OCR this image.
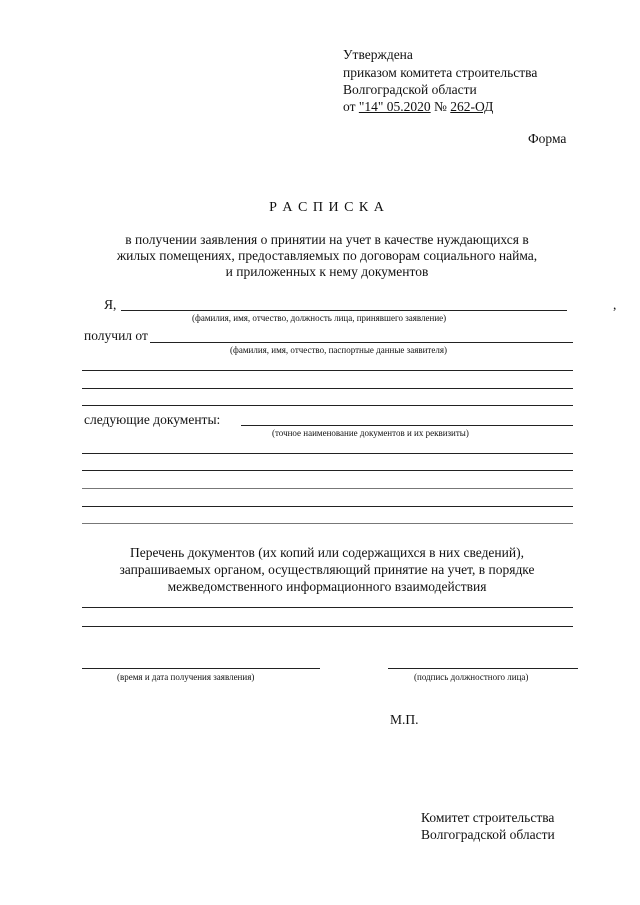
Утверждена
приказом комитета строительства
Волгоградской области
от "14" 05.2020 № 262-ОД
Форма
Р А С П И С К А
в получении заявления о принятии на учет в качестве нуждающихся в
жилых помещениях, предоставляемых по договорам социального найма,
и приложенных к нему документов
Я,	,
(фамилия, имя, отчество, должность лица, принявшего заявление)
получил от
(фамилия, имя, отчество, паспортные данные заявителя)
следующие документы:
(точное наименование документов и их реквизиты)
Перечень документов (их копий или содержащихся в них сведений),
запрашиваемых органом, осуществляющий принятие на учет, в порядке
межведомственного информационного взаимодействия
(время и дата получения заявления)	(подпись должностного лица)
М.П.
Комитет строительства
Волгоградской области
